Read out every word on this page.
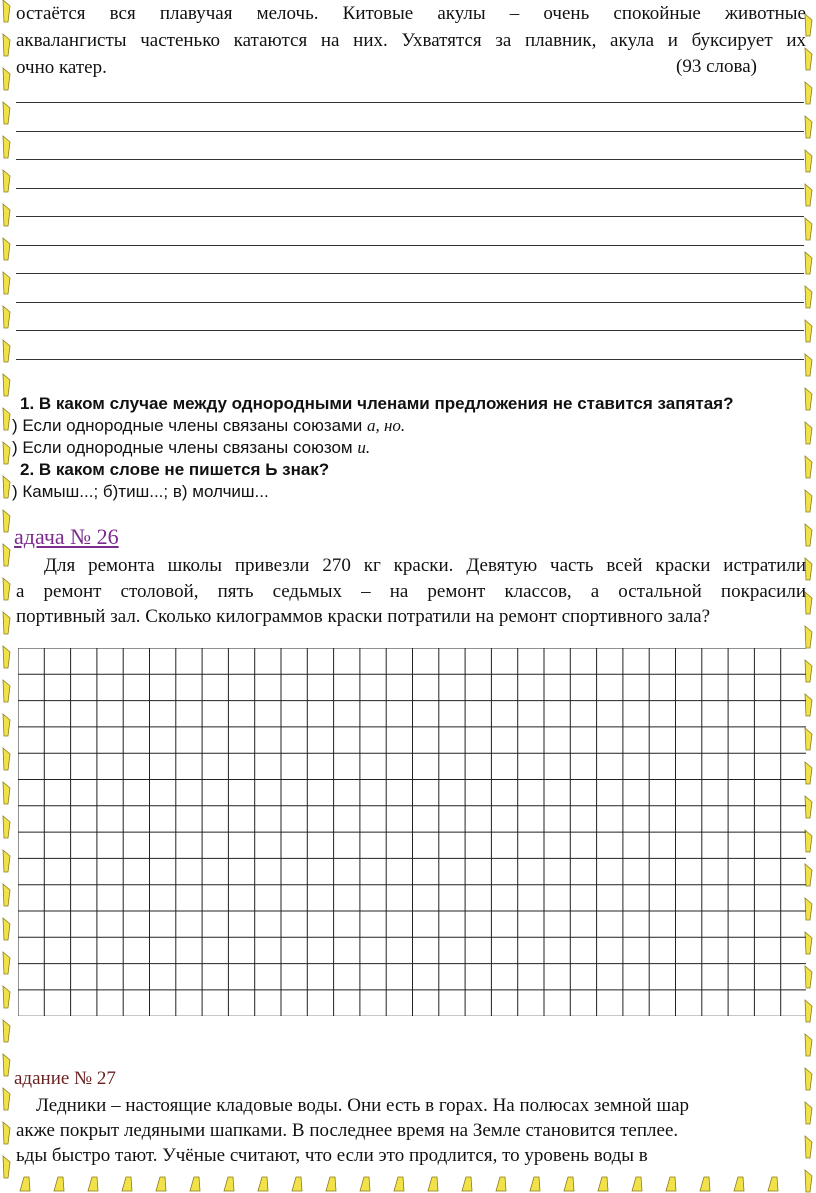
остаётся вся плавучая мелочь. Китовые акулы – очень спокойные животные
аквалангисты частенько катаются на них. Ухватятся за плавник, акула и буксирует их
очно катер.	(93 слова)
1. В каком случае между однородными членами предложения не ставится запятая?
) Если однородные члены связаны союзами а, но.
) Если однородные члены связаны союзом и.
2. В каком слове не пишется Ь знак?
) Камыш...; б)тиш...; в) молчиш...
адача № 26
Для ремонта школы привезли 270 кг краски. Девятую часть всей краски истратили
а ремонт столовой, пять седьмых – на ремонт классов, а остальной покрасили
портивный зал. Сколько килограммов краски потратили на ремонт спортивного зала?
адание № 27
Ледники – настоящие кладовые воды. Они есть в горах. На полюсах земной шар
акже покрыт ледяными шапками. В последнее время на Земле становится теплее.
ьды быстро тают. Учёные считают, что если это продлится, то уровень воды в
